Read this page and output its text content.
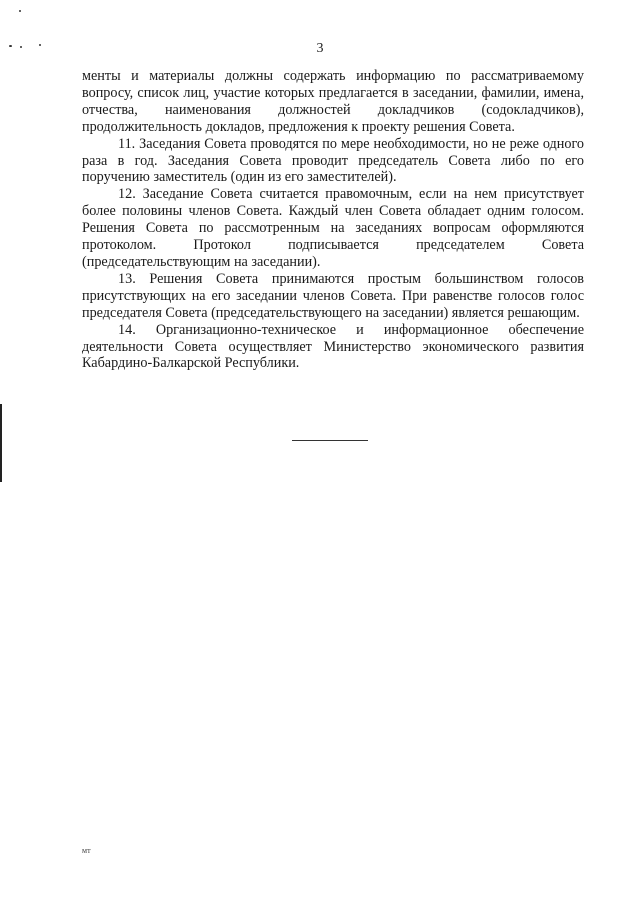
3

менты и материалы должны содержать информацию по рассматриваемому вопросу, список лиц, участие которых предлагается в заседании, фамилии, имена, отчества, наименования должностей докладчиков (содокладчиков), продолжительность докладов, предложения к проекту решения Совета.

11. Заседания Совета проводятся по мере необходимости, но не реже одного раза в год. Заседания Совета проводит председатель Совета либо по его поручению заместитель (один из его заместителей).

12. Заседание Совета считается правомочным, если на нем присутствует более половины членов Совета. Каждый член Совета обладает одним голосом. Решения Совета по рассмотренным на заседаниях вопросам оформляются протоколом. Протокол подписывается председателем Совета (председательствующим на заседании).

13. Решения Совета принимаются простым большинством голосов присутствующих на его заседании членов Совета. При равенстве голосов голос председателя Совета (председательствующего на заседании) является решающим.

14. Организационно-техническое и информационное обеспечение деятельности Совета осуществляет Министерство экономического развития Кабардино-Балкарской Республики.

мт
